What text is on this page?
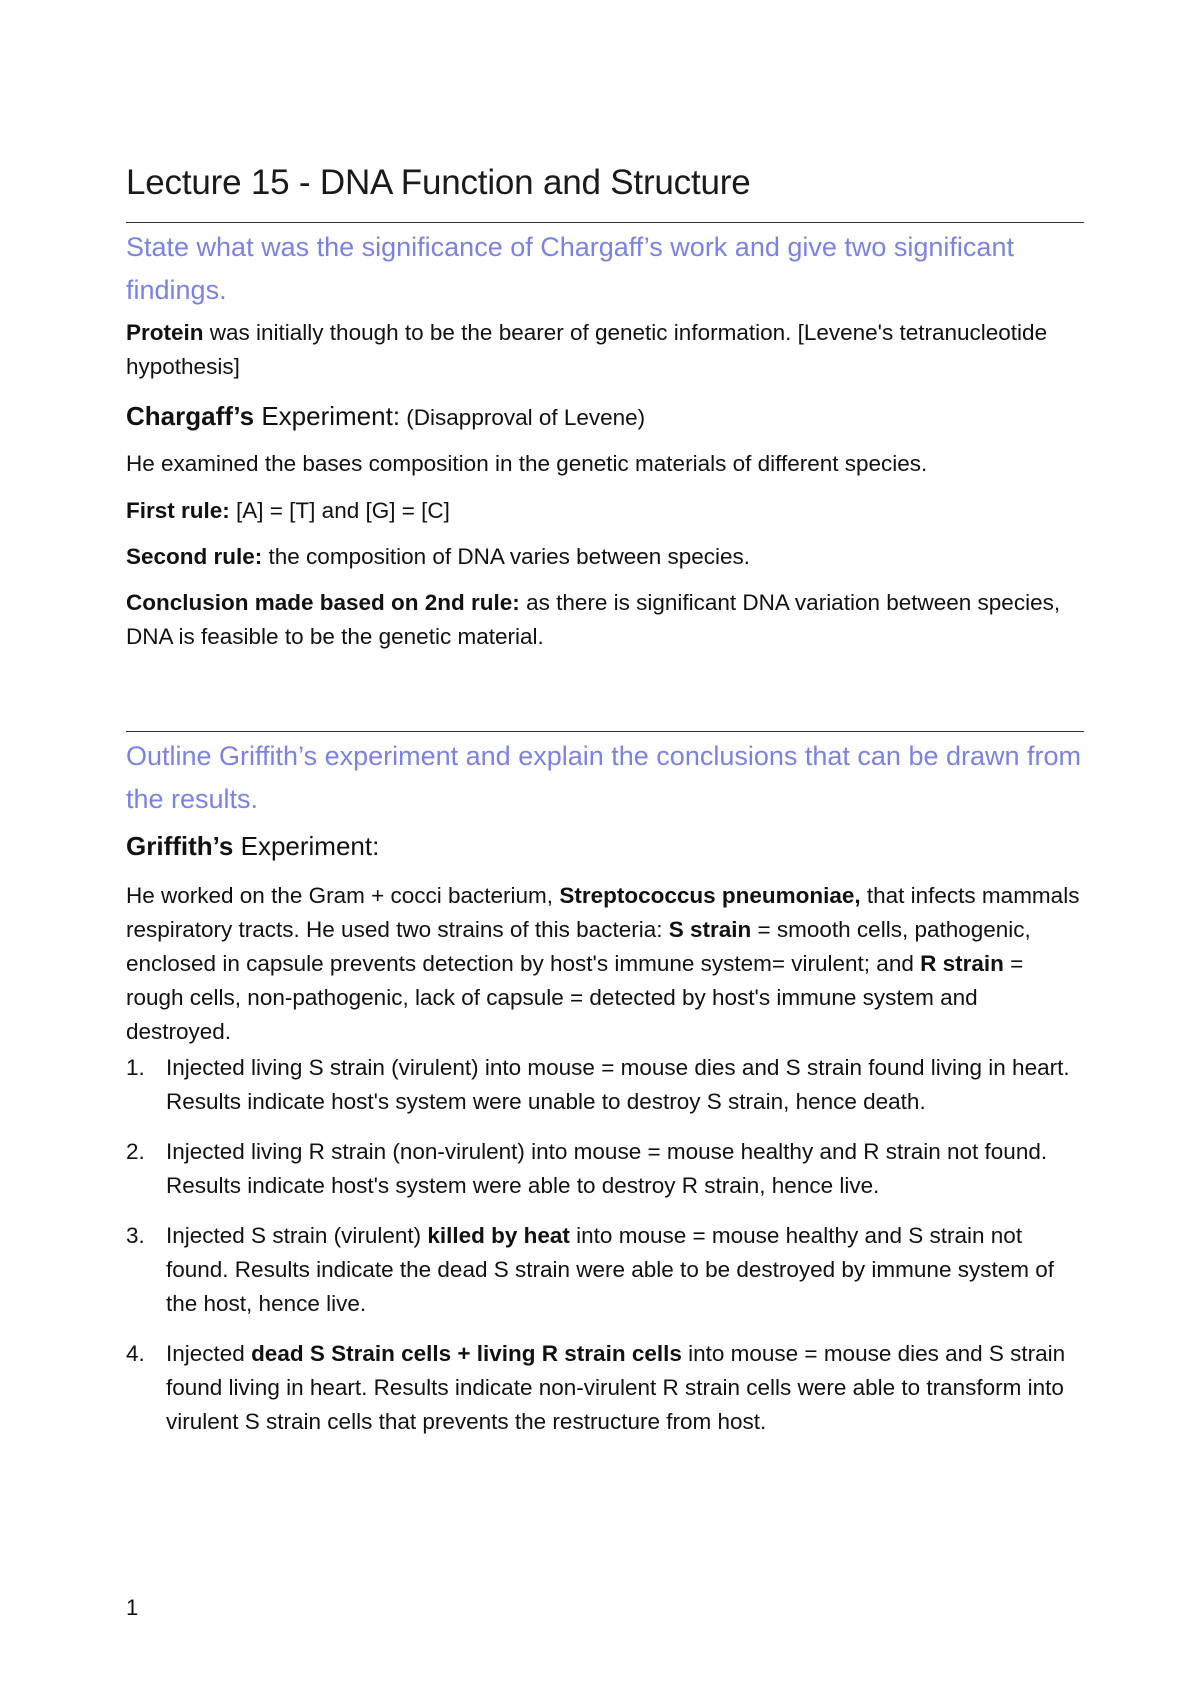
Lecture 15 - DNA Function and Structure

State what was the significance of Chargaff’s work and give two significant findings.

Protein was initially though to be the bearer of genetic information. [Levene's tetranucleotide hypothesis]

Chargaff’s Experiment: (Disapproval of Levene)

He examined the bases composition in the genetic materials of different species.

First rule: [A] = [T] and [G] = [C]

Second rule: the composition of DNA varies between species.

Conclusion made based on 2nd rule: as there is significant DNA variation between species, DNA is feasible to be the genetic material.

Outline Griffith’s experiment and explain the conclusions that can be drawn from the results.

Griffith’s Experiment:

He worked on the Gram + cocci bacterium, Streptococcus pneumoniae, that infects mammals respiratory tracts. He used two strains of this bacteria: S strain = smooth cells, pathogenic, enclosed in capsule prevents detection by host's immune system= virulent; and R strain = rough cells, non-pathogenic, lack of capsule = detected by host's immune system and destroyed.

1. Injected living S strain (virulent) into mouse = mouse dies and S strain found living in heart. Results indicate host's system were unable to destroy S strain, hence death.
2. Injected living R strain (non-virulent) into mouse = mouse healthy and R strain not found. Results indicate host's system were able to destroy R strain, hence live.
3. Injected S strain (virulent) killed by heat into mouse = mouse healthy and S strain not found. Results indicate the dead S strain were able to be destroyed by immune system of the host, hence live.
4. Injected dead S Strain cells + living R strain cells into mouse = mouse dies and S strain found living in heart. Results indicate non-virulent R strain cells were able to transform into virulent S strain cells that prevents the restructure from host.
1
